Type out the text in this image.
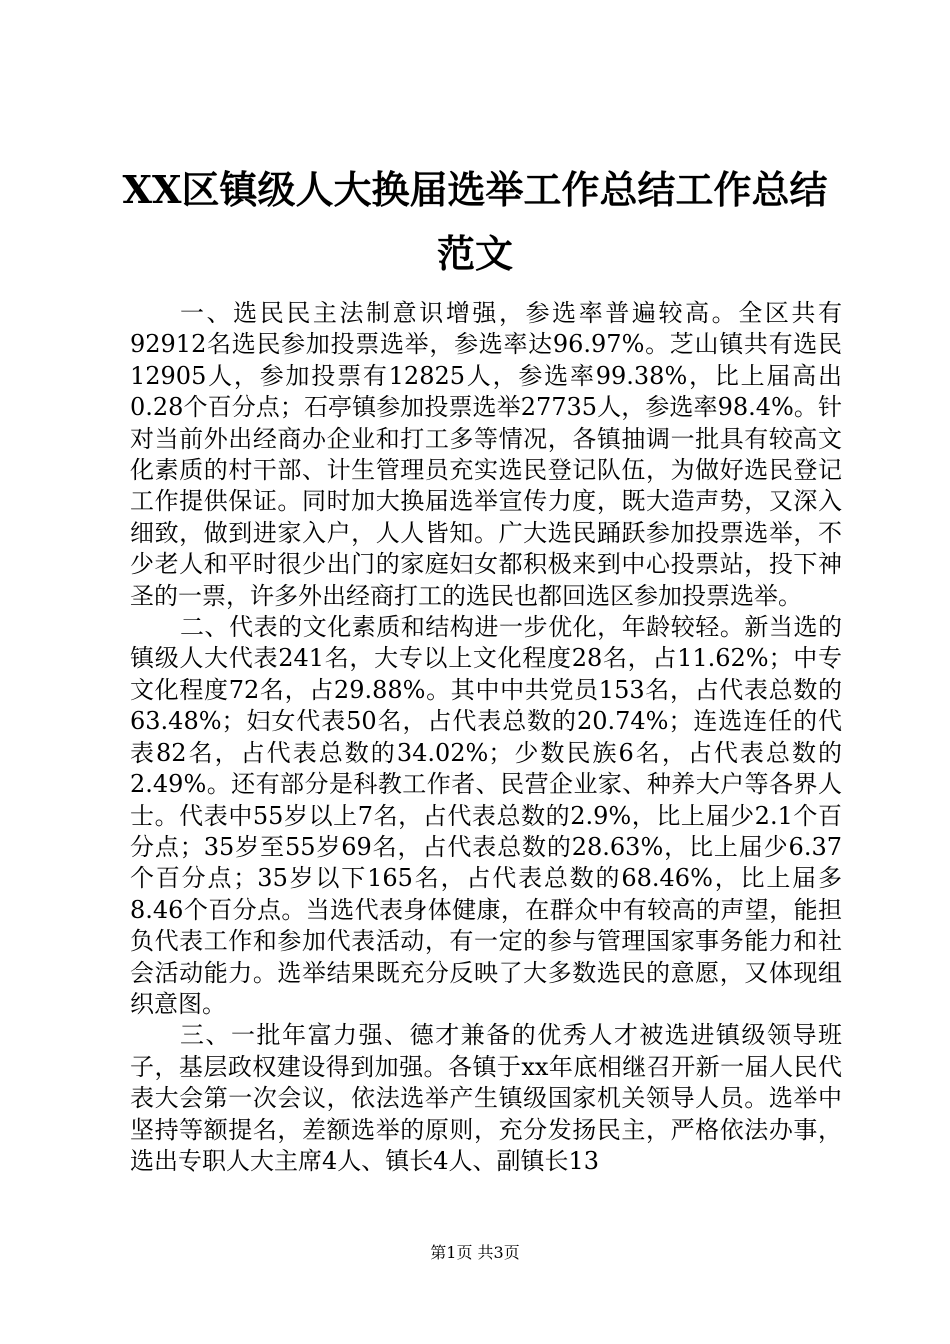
XX区镇级人大换届选举工作总结工作总结范文

一、选民民主法制意识增强，参选率普遍较高。全区共有92912名选民参加投票选举，参选率达96.97%。芝山镇共有选民12905人，参加投票有12825人，参选率99.38%，比上届高出0.28个百分点；石亭镇参加投票选举27735人，参选率98.4%。针对当前外出经商办企业和打工多等情况，各镇抽调一批具有较高文化素质的村干部、计生管理员充实选民登记队伍，为做好选民登记工作提供保证。同时加大换届选举宣传力度，既大造声势，又深入细致，做到进家入户，人人皆知。广大选民踊跃参加投票选举，不少老人和平时很少出门的家庭妇女都积极来到中心投票站，投下神圣的一票，许多外出经商打工的选民也都回选区参加投票选举。

二、代表的文化素质和结构进一步优化，年龄较轻。新当选的镇级人大代表241名，大专以上文化程度28名，占11.62%；中专文化程度72名，占29.88%。其中中共党员153名，占代表总数的63.48%；妇女代表50名，占代表总数的20.74%；连选连任的代表82名，占代表总数的34.02%；少数民族6名，占代表总数的2.49%。还有部分是科教工作者、民营企业家、种养大户等各界人士。代表中55岁以上7名，占代表总数的2.9%，比上届少2.1个百分点；35岁至55岁69名，占代表总数的28.63%，比上届少6.37个百分点；35岁以下165名，占代表总数的68.46%，比上届多8.46个百分点。当选代表身体健康，在群众中有较高的声望，能担负代表工作和参加代表活动，有一定的参与管理国家事务能力和社会活动能力。选举结果既充分反映了大多数选民的意愿，又体现组织意图。

三、一批年富力强、德才兼备的优秀人才被选进镇级领导班子，基层政权建设得到加强。各镇于xx年底相继召开新一届人民代表大会第一次会议，依法选举产生镇级国家机关领导人员。选举中坚持等额提名，差额选举的原则，充分发扬民主，严格依法办事，选出专职人大主席4人、镇长4人、副镇长13

第1页 共3页
